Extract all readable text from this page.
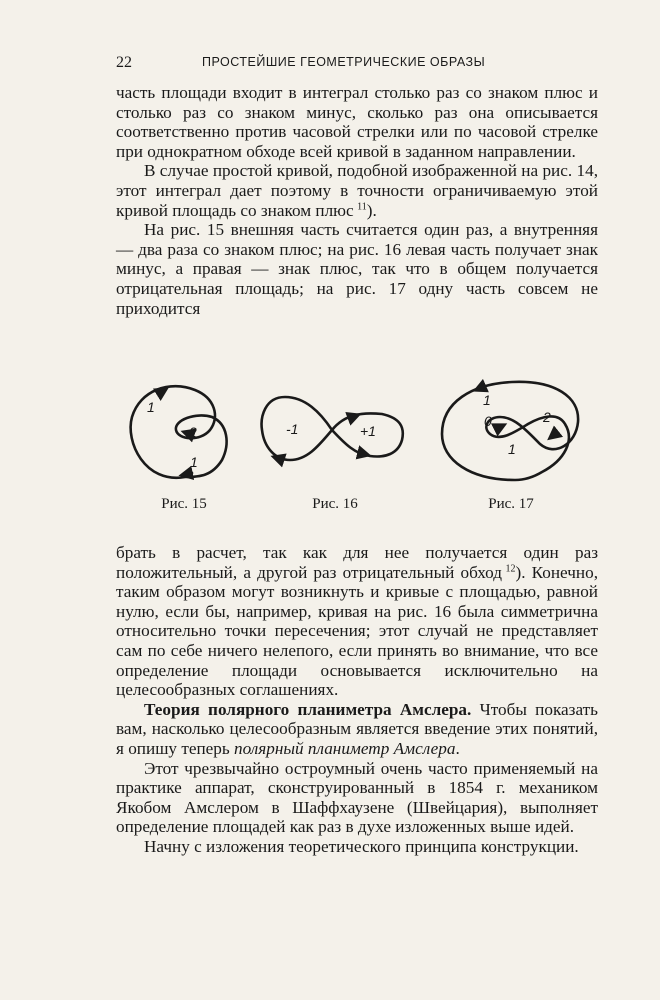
22	ПРОСТЕЙШИЕ ГЕОМЕТРИЧЕСКИЕ ОБРАЗЫ

часть площади входит в интеграл столько раз со знаком плюс и столько раз со знаком минус, сколько раз она описывается соответственно против часовой стрелки или по часовой стрелке при однократном обходе всей кривой в заданном направлении.

В случае простой кривой, подобной изображенной на рис. 14, этот интеграл дает поэтому в точности ограничиваемую этой кривой площадь со знаком плюс  $^{11}$).

На рис. 15 внешняя часть считается один раз, а внутренняя — два раза со знаком плюс; на рис. 16 левая часть получает знак минус, а правая — знак плюс, так что в общем получается отрицательная площадь; на рис. 17 одну часть совсем не приходится

1
2
1
-1	+1
1
0	2
1
Рис. 15	Рис. 16	Рис. 17

брать в расчет, так как для нее получается один раз положительный, а другой раз отрицательный обход  $^{12}$). Конечно, таким образом могут возникнуть и кривые с площадью, равной нулю, если бы, например, кривая на рис. 16 была симметрична относительно точки пересечения; этот случай не представляет сам по себе ничего нелепого, если принять во внимание, что все определение площади основывается исключительно на целесообразных соглашениях.

Теория полярного планиметра Амслера. Чтобы показать вам, насколько целесообразным является введение этих понятий, я опишу теперь полярный планиметр Амслера.

Этот чрезвычайно остроумный очень часто применяемый на практике аппарат, сконструированный в 1854 г. механиком Якобом Амслером в Шаффхаузене (Швейцария), выполняет определение площадей как раз в духе изложенных выше идей.

Начну с изложения теоретического принципа конструкции.
